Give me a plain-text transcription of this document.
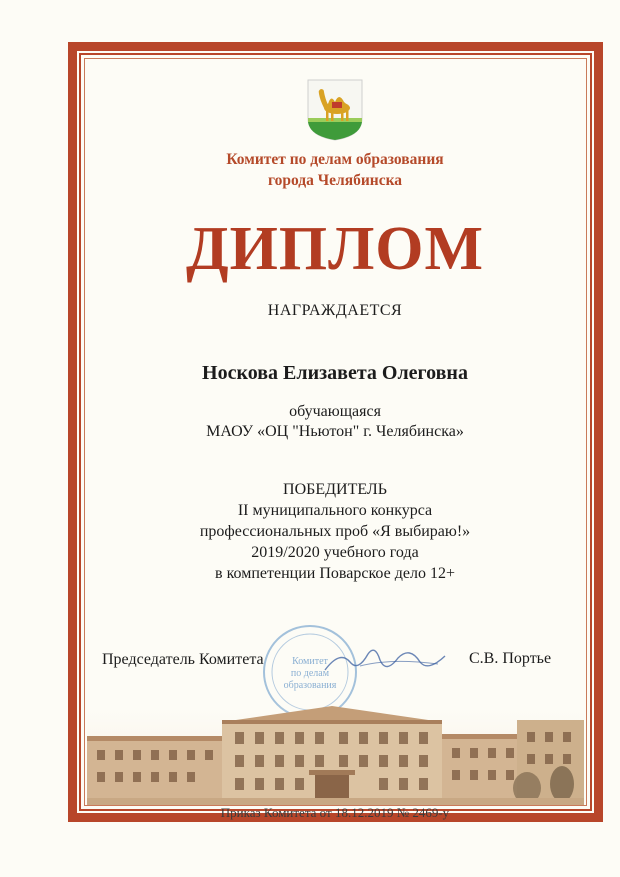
Комитет по делам образования
города Челябинска
ДИПЛОМ
НАГРАЖДАЕТСЯ
Носкова Елизавета Олеговна
обучающаяся
МАОУ «ОЦ "Ньютон" г. Челябинска»
ПОБЕДИТЕЛЬ
II муниципального конкурса
профессиональных проб «Я выбираю!»
2019/2020 учебного года
в компетенции Поварское дело 12+
Комитет
по делам
образования
Председатель Комитета	С.В. Портье
Приказ Комитета от 18.12.2019 № 2469-у
